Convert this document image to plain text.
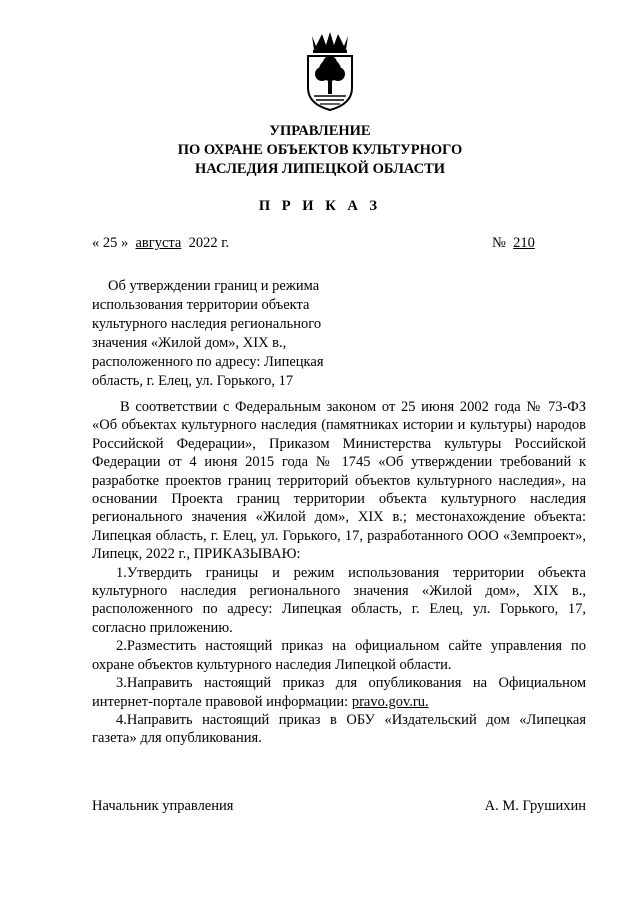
УПРАВЛЕНИЕ
ПО ОХРАНЕ ОБЪЕКТОВ КУЛЬТУРНОГО
НАСЛЕДИЯ ЛИПЕЦКОЙ ОБЛАСТИ
П Р И К А З
« 25 » августа 2022 г.	№ 210
Об утверждении границ и режима
использования территории объекта
культурного наследия регионального
значения «Жилой дом», XIX в.,
расположенного по адресу: Липецкая
область, г. Елец, ул. Горького, 17

В соответствии с Федеральным законом от 25 июня 2002 года № 73-ФЗ «Об объектах культурного наследия (памятниках истории и культуры) народов Российской Федерации», Приказом Министерства культуры Российской Федерации от 4 июня 2015 года № 1745 «Об утверждении требований к разработке проектов границ территорий объектов культурного наследия», на основании Проекта границ территории объекта культурного наследия регионального значения «Жилой дом», XIX в.; местонахождение объекта: Липецкая область, г. Елец, ул. Горького, 17, разработанного ООО «Земпроект», Липецк, 2022 г., ПРИКАЗЫВАЮ:

1.Утвердить границы и режим использования территории объекта культурного наследия регионального значения «Жилой дом», XIX в., расположенного по адресу: Липецкая область, г. Елец, ул. Горького, 17, согласно приложению.

2.Разместить настоящий приказ на официальном сайте управления по охране объектов культурного наследия Липецкой области.

3.Направить настоящий приказ для опубликования на Официальном интернет-портале правовой информации: pravo.gov.ru.

4.Направить настоящий приказ в ОБУ «Издательский дом «Липецкая газета» для опубликования.

Начальник управления	А. М. Грушихин
